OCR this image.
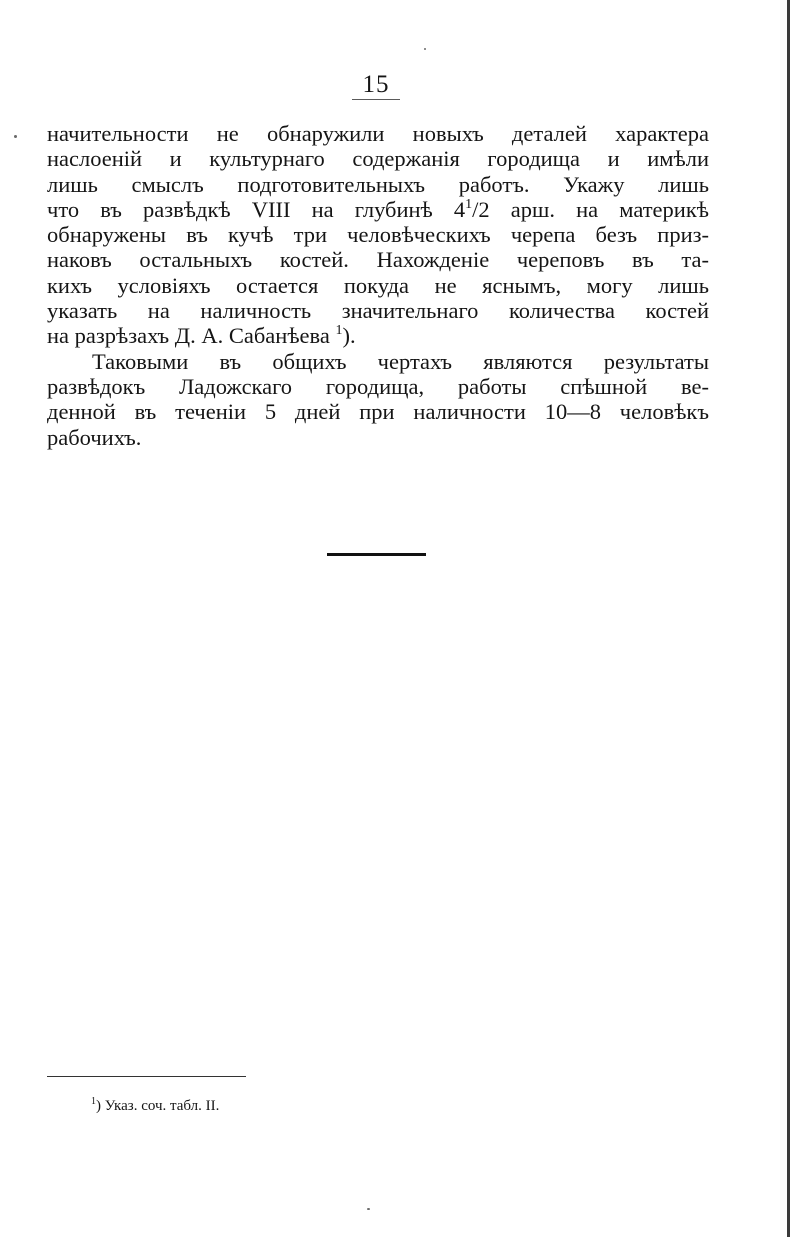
15
начительности не обнаружили новыхъ деталей характера
наслоеній и культурнаго содержанія городища и имѣли
лишь смыслъ подготовительныхъ работъ. Укажу лишь
что въ развѣдкѣ VIII на глубинѣ 4$^1$/2 арш. на материкѣ
обнаружены въ кучѣ три человѣческихъ черепа безъ приз-
наковъ остальныхъ костей. Нахожденіе череповъ въ та-
кихъ условіяхъ остается покуда не яснымъ, могу лишь
указать на наличность значительнаго количества костей
на разрѣзахъ Д. А. Сабанѣева $^1$).
Таковыми въ общихъ чертахъ являются результаты
развѣдокъ Ладожскаго городища, работы спѣшной ве-
денной въ теченіи 5 дней при наличности 10—8 человѣкъ
рабочихъ.
$^1$) Указ. соч. табл. II.
